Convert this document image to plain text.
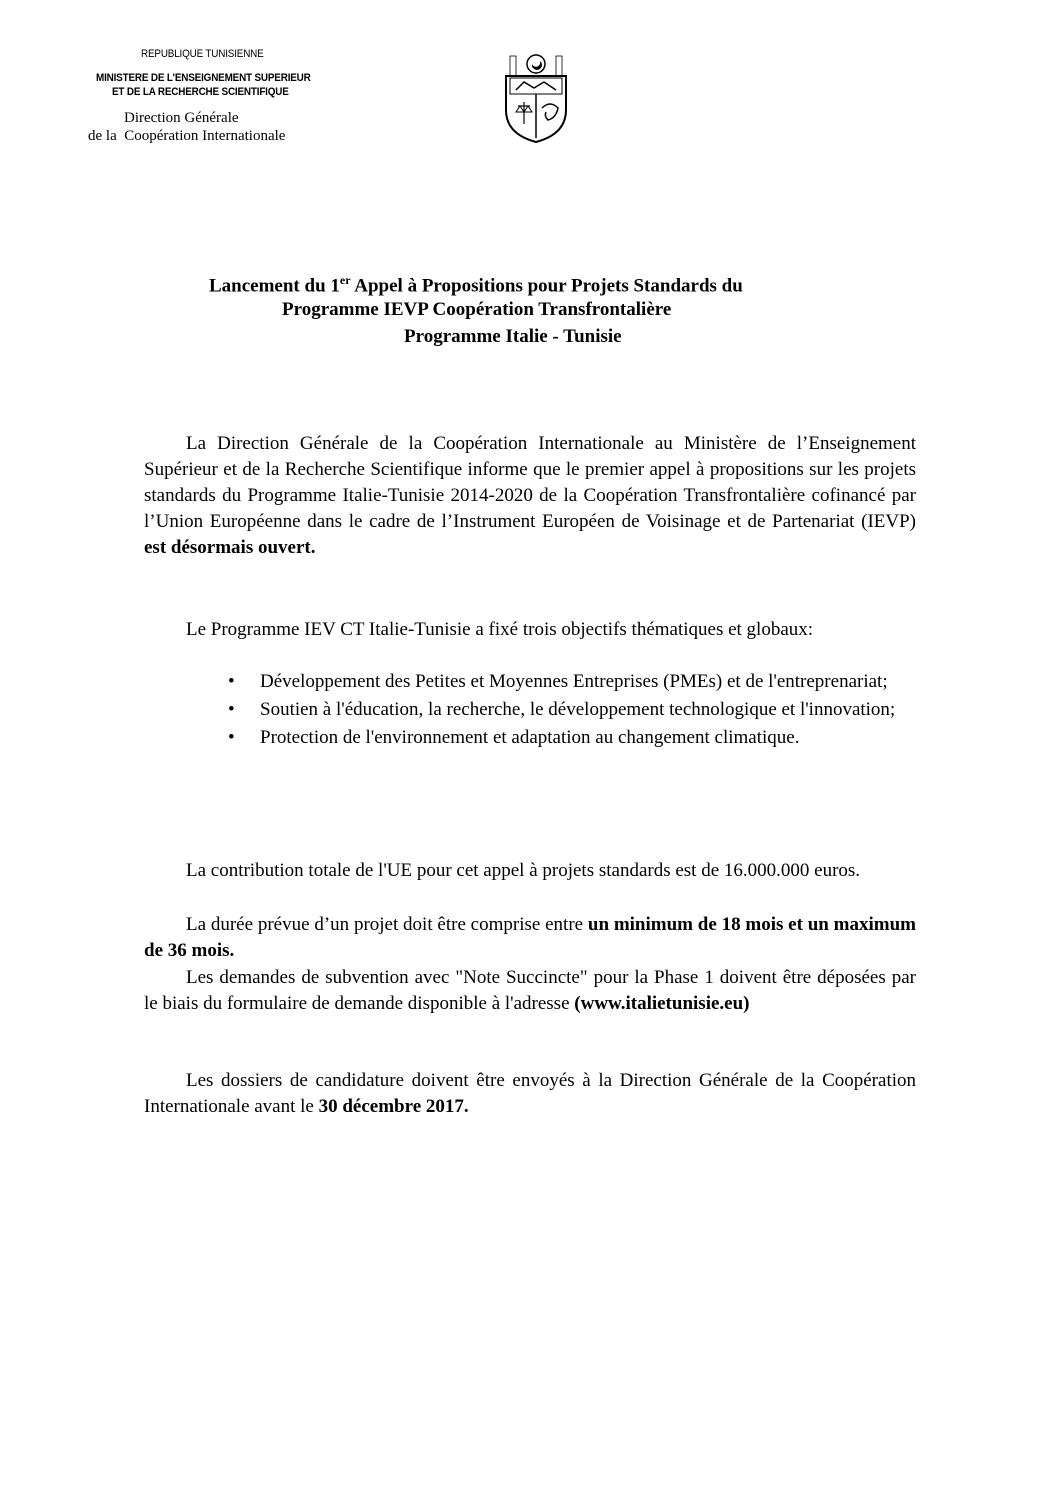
REPUBLIQUE TUNISIENNE
MINISTERE DE L'ENSEIGNEMENT SUPERIEUR
ET DE LA RECHERCHE SCIENTIFIQUE
Direction Générale
de la  Coopération Internationale
Lancement du 1er Appel à Propositions pour Projets Standards du
Programme IEVP Coopération Transfrontalière
Programme Italie - Tunisie
La Direction Générale de la Coopération Internationale au Ministère de l’Enseignement Supérieur et de la Recherche Scientifique informe que le premier appel à propositions sur les projets standards du Programme Italie-Tunisie 2014-2020 de la Coopération Transfrontalière cofinancé par l’Union Européenne dans le cadre de l’Instrument Européen de Voisinage et de Partenariat (IEVP) est désormais ouvert.
Le Programme IEV CT Italie-Tunisie a fixé trois objectifs thématiques et globaux:
• Développement des Petites et Moyennes Entreprises (PMEs) et de l'entreprenariat;
• Soutien à l'éducation, la recherche, le développement technologique et l'innovation;
• Protection de l'environnement et adaptation au changement climatique.
La contribution totale de l'UE pour cet appel à projets standards est de 16.000.000 euros.
La durée prévue d’un projet doit être comprise entre un minimum de 18 mois et un maximum de 36 mois.
Les demandes de subvention avec "Note Succincte" pour la Phase 1 doivent être déposées par le biais du formulaire de demande disponible à l'adresse (www.italietunisie.eu)
Les dossiers de candidature doivent être envoyés à la Direction Générale de la Coopération Internationale avant le 30 décembre 2017.
